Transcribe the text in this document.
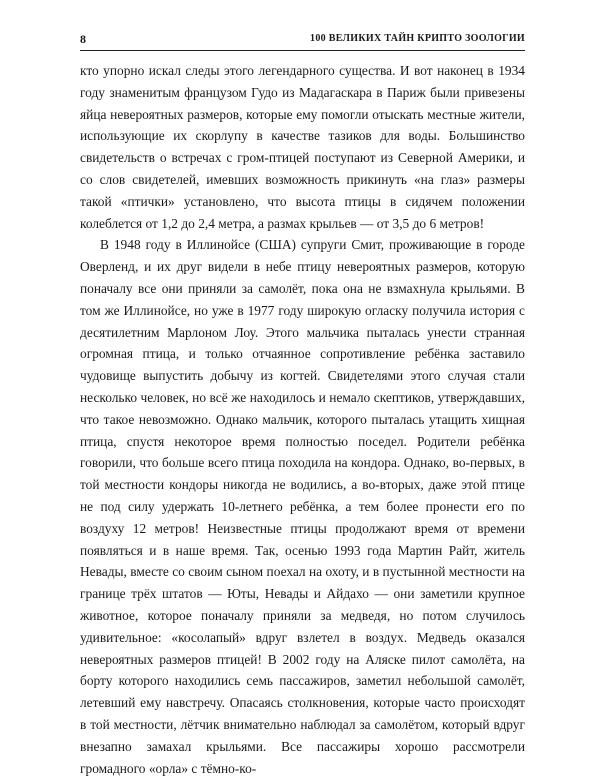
8	100 ВЕЛИКИХ ТАЙН КРИПТО ЗООЛОГИИ

кто упорно искал следы этого легендарного существа. И вот наконец в 1934 году знаменитым французом Гудо из Мадагаскара в Париж были привезены яйца невероятных размеров, которые ему помогли отыскать местные жители, использующие их скорлупу в качестве тазиков для воды. Большинство свидетельств о встречах с гром-птицей поступают из Северной Америки, и со слов свидетелей, имевших возможность прикинуть «на глаз» размеры такой «птички» установлено, что высота птицы в сидячем положении колеблется от 1,2 до 2,4 метра, а размах крыльев — от 3,5 до 6 метров!

В 1948 году в Иллинойсе (США) супруги Смит, проживающие в городе Оверленд, и их друг видели в небе птицу невероятных размеров, которую поначалу все они приняли за самолёт, пока она не взмахнула крыльями. В том же Иллинойсе, но уже в 1977 году широкую огласку получила история с десятилетним Марлоном Лоу. Этого мальчика пыталась унести странная огромная птица, и только отчаянное сопротивление ребёнка заставило чудовище выпустить добычу из когтей. Свидетелями этого случая стали несколько человек, но всё же находилось и немало скептиков, утверждавших, что такое невозможно. Однако мальчик, которого пыталась утащить хищная птица, спустя некоторое время полностью поседел. Родители ребёнка говорили, что больше всего птица походила на кондора. Однако, во-первых, в той местности кондоры никогда не водились, а во-вторых, даже этой птице не под силу удержать 10-летнего ребёнка, а тем более пронести его по воздуху 12 метров! Неизвестные птицы продолжают время от времени появляться и в наше время. Так, осенью 1993 года Мартин Райт, житель Невады, вместе со своим сыном поехал на охоту, и в пустынной местности на границе трёх штатов — Юты, Невады и Айдахо — они заметили крупное животное, которое поначалу приняли за медведя, но потом случилось удивительное: «косолапый» вдруг взлетел в воздух. Медведь оказался невероятных размеров птицей! В 2002 году на Аляске пилот самолёта, на борту которого находились семь пассажиров, заметил небольшой самолёт, летевший ему навстречу. Опасаясь столкновения, которые часто происходят в той местности, лётчик внимательно наблюдал за самолётом, который вдруг внезапно замахал крыльями. Все пассажиры хорошо рассмотрели громадного «орла» с тёмно-ко-
